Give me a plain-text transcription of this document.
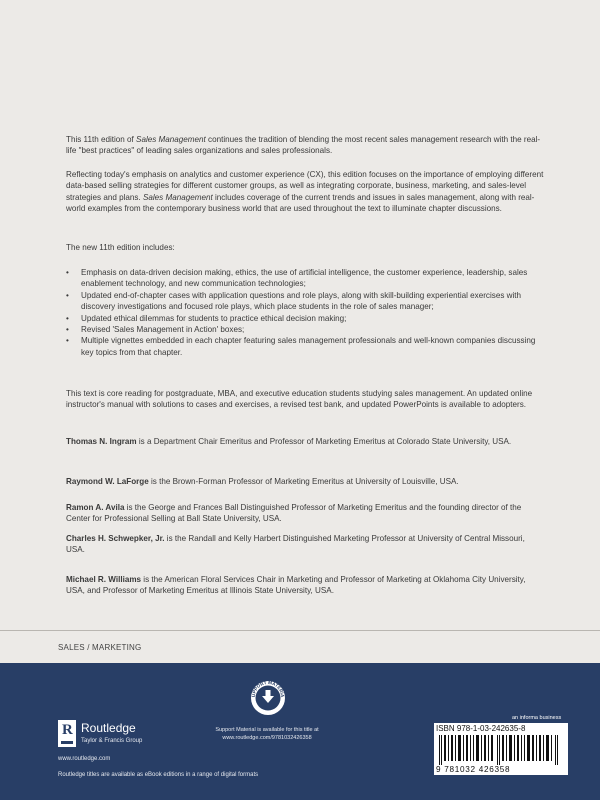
This 11th edition of Sales Management continues the tradition of blending the most recent sales management research with the real-life "best practices" of leading sales organizations and sales professionals.

Reflecting today's emphasis on analytics and customer experience (CX), this edition focuses on the importance of employing different data-based selling strategies for different customer groups, as well as integrating corporate, business, marketing, and sales-level strategies and plans. Sales Management includes coverage of the current trends and issues in sales management, along with real-world examples from the contemporary business world that are used throughout the text to illuminate chapter discussions.

The new 11th edition includes:

• Emphasis on data-driven decision making, ethics, the use of artificial intelligence, the customer experience, leadership, sales enablement technology, and new communication technologies;
• Updated end-of-chapter cases with application questions and role plays, along with skill-building experiential exercises with discovery investigations and focused role plays, which place students in the role of sales manager;
• Updated ethical dilemmas for students to practice ethical decision making;
• Revised 'Sales Management in Action' boxes;
• Multiple vignettes embedded in each chapter featuring sales management professionals and well-known companies discussing key topics from that chapter.

This text is core reading for postgraduate, MBA, and executive education students studying sales management. An updated online instructor's manual with solutions to cases and exercises, a revised test bank, and updated PowerPoints is available to adopters.

Thomas N. Ingram is a Department Chair Emeritus and Professor of Marketing Emeritus at Colorado State University, USA.

Raymond W. LaForge is the Brown-Forman Professor of Marketing Emeritus at University of Louisville, USA.

Ramon A. Avila is the George and Frances Ball Distinguished Professor of Marketing Emeritus and the founding director of the Center for Professional Selling at Ball State University, USA.

Charles H. Schwepker, Jr. is the Randall and Kelly Harbert Distinguished Marketing Professor at University of Central Missouri, USA.

Michael R. Williams is the American Floral Services Chair in Marketing and Professor of Marketing at Oklahoma City University, USA, and Professor of Marketing Emeritus at Illinois State University, USA.

SALES / MARKETING
UPPORT MATERIA
Support Material is available for this title at
www.routledge.com/9781032426358
R Routledge
Taylor & Francis Group
www.routledge.com
Routledge titles are available as eBook editions in a range of digital formats
an informa business
ISBN 978-1-03-242635-8
9 781032 426358
